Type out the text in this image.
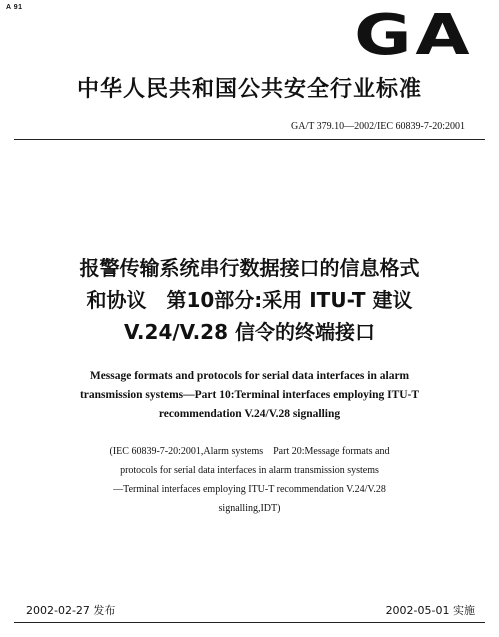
A 91	GA
中华人民共和国公共安全行业标准
GA/T 379.10—2002/IEC 60839-7-20:2001
报警传输系统串行数据接口的信息格式
和协议　第10部分:采用 ITU-T 建议
V.24/V.28 信令的终端接口
Message formats and protocols for serial data interfaces in alarm
transmission systems—Part 10:Terminal interfaces employing ITU-T
recommendation V.24/V.28 signalling
(IEC 60839-7-20:2001,Alarm systems　Part 20:Message formats and
protocols for serial data interfaces in alarm transmission systems
—Terminal interfaces employing ITU-T recommendation V.24/V.28
signalling,IDT)
2002-02-27 发布	2002-05-01 实施
